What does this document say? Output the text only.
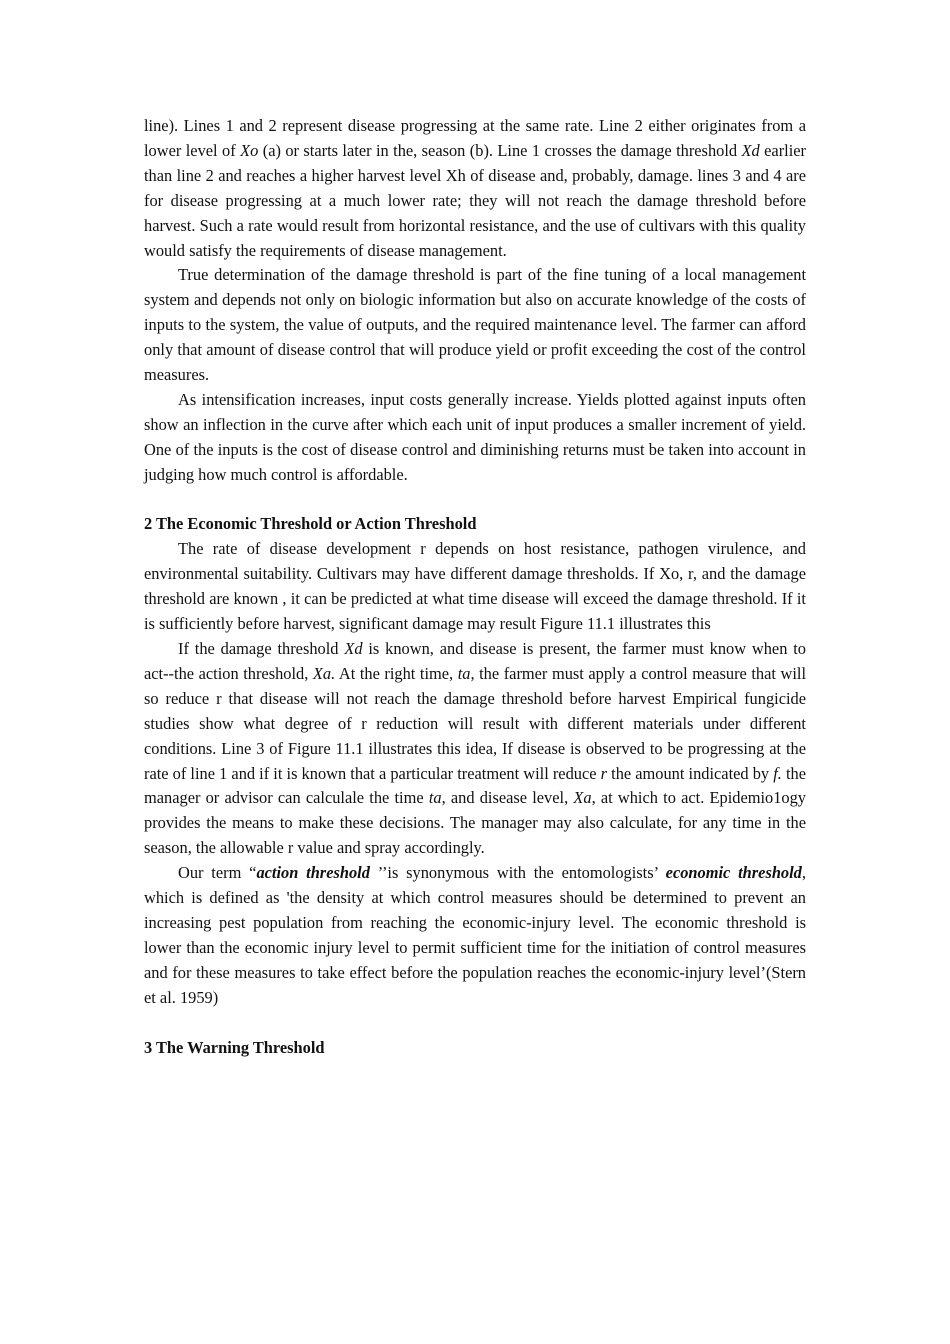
line). Lines 1 and 2 represent disease progressing at the same rate. Line 2 either originates from a lower level of Xo (a) or starts later in the, season (b). Line 1 crosses the damage threshold Xd earlier than line 2 and reaches a higher harvest level Xh of disease and, probably, damage. lines 3 and 4 are for disease progressing at a much lower rate; they will not reach the damage threshold before harvest. Such a rate would result from horizontal resistance, and the use of cultivars with this quality would satisfy the requirements of disease management.

True determination of the damage threshold is part of the fine tuning of a local management system and depends not only on biologic information but also on accurate knowledge of the costs of inputs to the system, the value of outputs, and the required maintenance level. The farmer can afford only that amount of disease control that will produce yield or profit exceeding the cost of the control measures.

As intensification increases, input costs generally increase. Yields plotted against inputs often show an inflection in the curve after which each unit of input produces a smaller increment of yield. One of the inputs is the cost of disease control and diminishing returns must be taken into account in judging how much control is affordable.

2 The Economic Threshold or Action Threshold

The rate of disease development r depends on host resistance, pathogen virulence, and environmental suitability. Cultivars may have different damage thresholds. If Xo, r, and the damage threshold are known , it can be predicted at what time disease will exceed the damage threshold. If it is sufficiently before harvest, significant damage may result Figure 11.1 illustrates this

If the damage threshold Xd is known, and disease is present, the farmer must know when to act--the action threshold, Xa. At the right time, ta, the farmer must apply a control measure that will so reduce r that disease will not reach the damage threshold before harvest Empirical fungicide studies show what degree of r reduction will result with different materials under different conditions. Line 3 of Figure 11.1 illustrates this idea, If disease is observed to be progressing at the rate of line 1 and if it is known that a particular treatment will reduce r the amount indicated by f. the manager or advisor can calculale the time ta, and disease level, Xa, at which to act. Epidemio1ogy provides the means to make these decisions. The manager may also calculate, for any time in the season, the allowable r value and spray accordingly.

Our term “action threshold ’’is synonymous with the entomologists’ economic threshold, which is defined as 'the density at which control measures should be determined to prevent an increasing pest population from reaching the economic-injury level. The economic threshold is lower than the economic injury level to permit sufficient time for the initiation of control measures and for these measures to take effect before the population reaches the economic-injury level’(Stern et al. 1959)

3 The Warning Threshold
